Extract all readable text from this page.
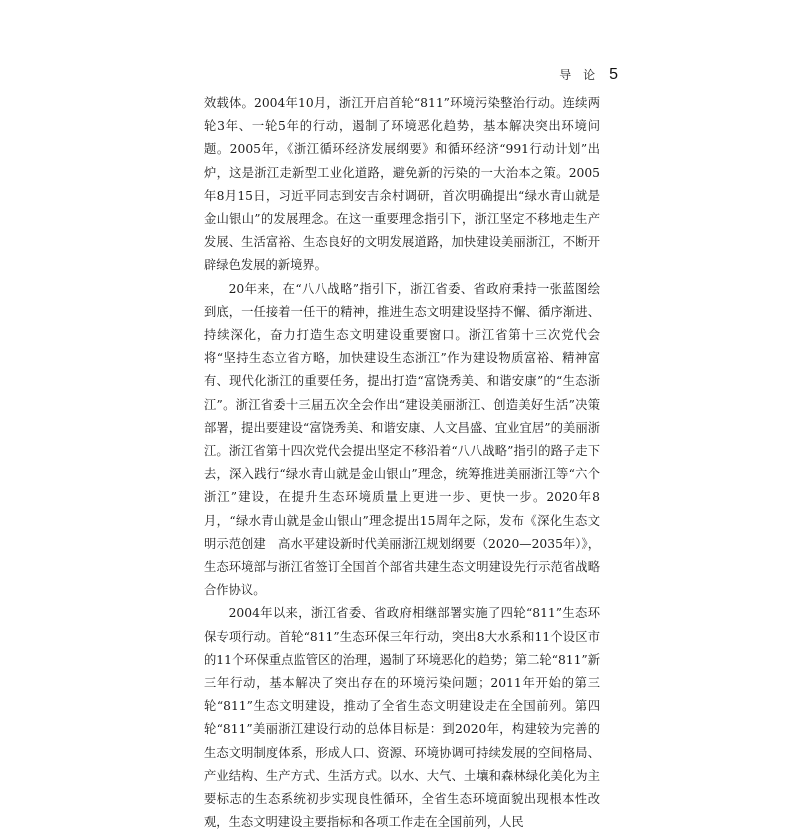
导 论 5

效载体。2004年10月，浙江开启首轮“811”环境污染整治行动。连续两轮3年、一轮5年的行动，遏制了环境恶化趋势，基本解决突出环境问题。2005年，《浙江循环经济发展纲要》和循环经济“991行动计划”出炉，这是浙江走新型工业化道路，避免新的污染的一大治本之策。2005年8月15日，习近平同志到安吉余村调研，首次明确提出“绿水青山就是金山银山”的发展理念。在这一重要理念指引下，浙江坚定不移地走生产发展、生活富裕、生态良好的文明发展道路，加快建设美丽浙江，不断开辟绿色发展的新境界。

20年来，在“八八战略”指引下，浙江省委、省政府秉持一张蓝图绘到底，一任接着一任干的精神，推进生态文明建设坚持不懈、循序渐进、持续深化，奋力打造生态文明建设重要窗口。浙江省第十三次党代会将“坚持生态立省方略，加快建设生态浙江”作为建设物质富裕、精神富有、现代化浙江的重要任务，提出打造“富饶秀美、和谐安康”的“生态浙江”。浙江省委十三届五次全会作出“建设美丽浙江、创造美好生活”决策部署，提出要建设“富饶秀美、和谐安康、人文昌盛、宜业宜居”的美丽浙江。浙江省第十四次党代会提出坚定不移沿着“八八战略”指引的路子走下去，深入践行“绿水青山就是金山银山”理念，统筹推进美丽浙江等“六个浙江”建设，在提升生态环境质量上更进一步、更快一步。2020年8月，“绿水青山就是金山银山”理念提出15周年之际，发布《深化生态文明示范创建　高水平建设新时代美丽浙江规划纲要（2020—2035年）》，生态环境部与浙江省签订全国首个部省共建生态文明建设先行示范省战略合作协议。

2004年以来，浙江省委、省政府相继部署实施了四轮“811”生态环保专项行动。首轮“811”生态环保三年行动，突出8大水系和11个设区市的11个环保重点监管区的治理，遏制了环境恶化的趋势；第二轮“811”新三年行动，基本解决了突出存在的环境污染问题；2011年开始的第三轮“811”生态文明建设，推动了全省生态文明建设走在全国前列。第四轮“811”美丽浙江建设行动的总体目标是：到2020年，构建较为完善的生态文明制度体系，形成人口、资源、环境协调可持续发展的空间格局、产业结构、生产方式、生活方式。以水、大气、土壤和森林绿化美化为主要标志的生态系统初步实现良性循环，全省生态环境面貌出现根本性改观，生态文明建设主要指标和各项工作走在全国前列，人民
